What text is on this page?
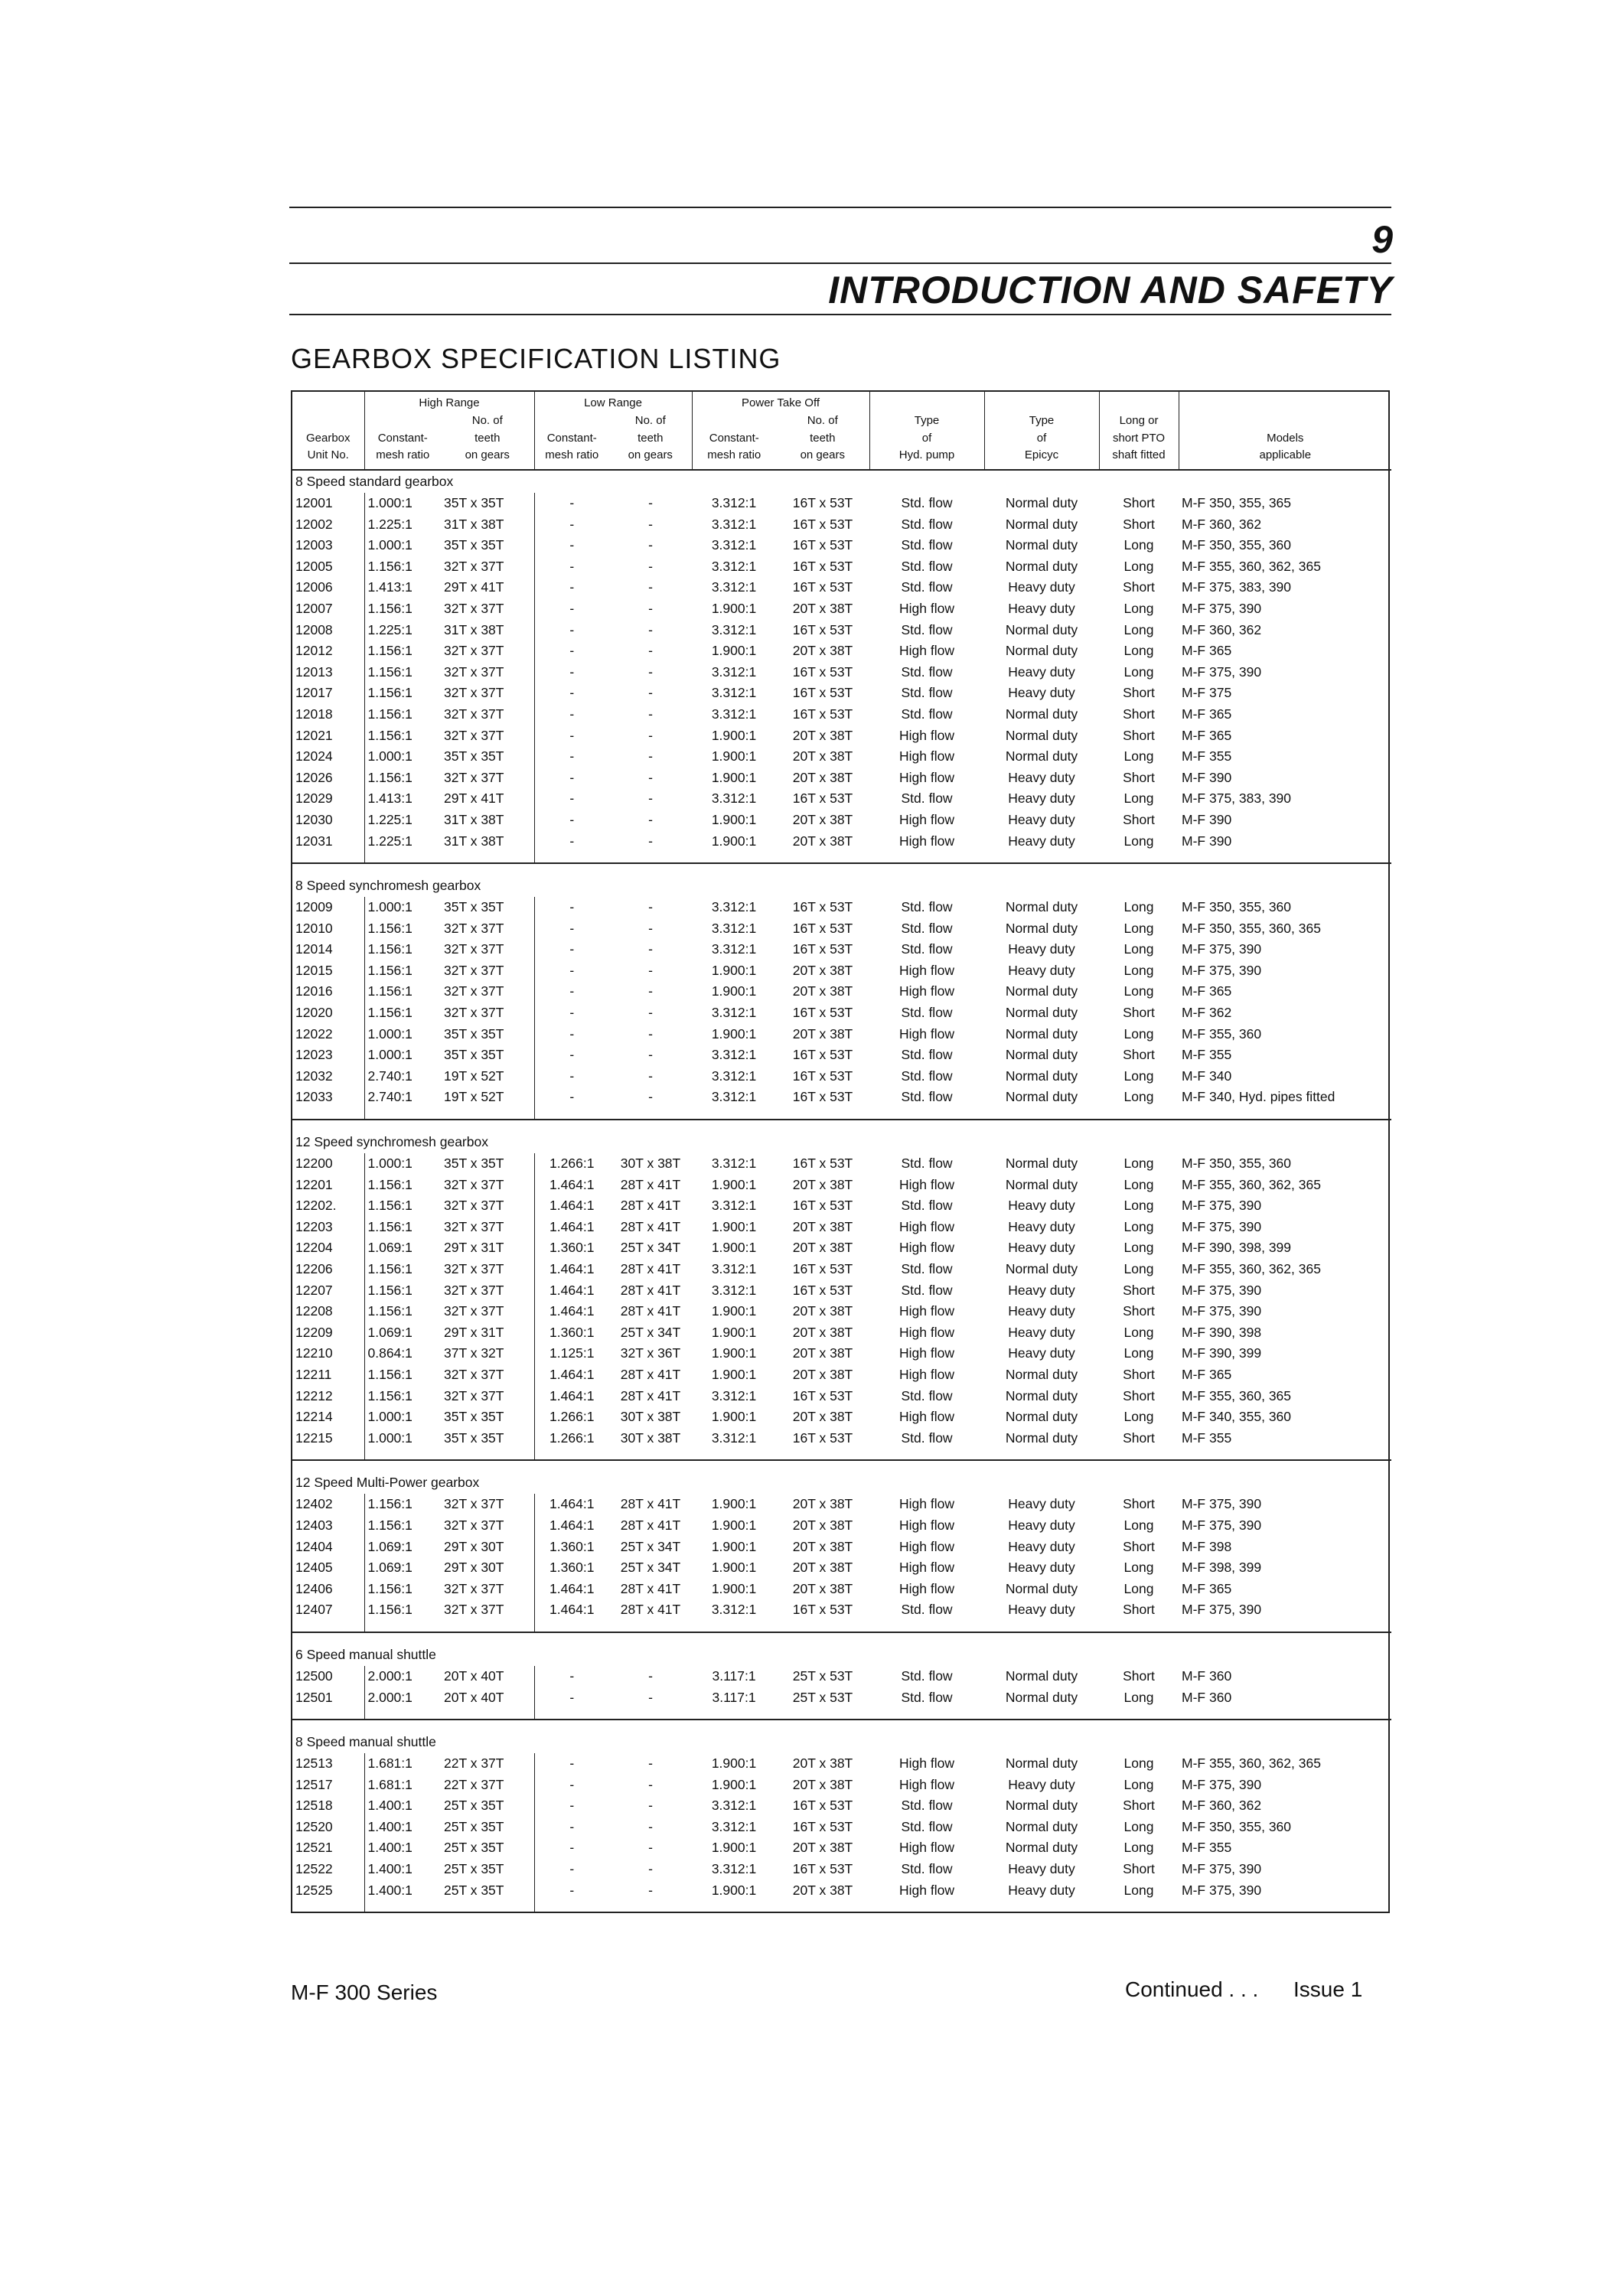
9
INTRODUCTION AND SAFETY
GEARBOX SPECIFICATION LISTING
	High Range		Low Range		Power Take Off					
		No. of		No. of		No. of	Type	Type	Long or	
Gearbox	Constant-	teeth	Constant-	teeth	Constant-	teeth	of	of	short PTO	Models
Unit No.	mesh ratio	on gears	mesh ratio	on gears	mesh ratio	on gears	Hyd. pump	Epicyc	shaft fitted	applicable
8 Speed standard gearbox										
12001	1.000:1	35T x 35T	-	-	3.312:1	16T x 53T	Std. flow	Normal duty	Short	M-F 350, 355, 365
12002	1.225:1	31T x 38T	-	-	3.312:1	16T x 53T	Std. flow	Normal duty	Short	M-F 360, 362
12003	1.000:1	35T x 35T	-	-	3.312:1	16T x 53T	Std. flow	Normal duty	Long	M-F 350, 355, 360
12005	1.156:1	32T x 37T	-	-	3.312:1	16T x 53T	Std. flow	Normal duty	Long	M-F 355, 360, 362, 365
12006	1.413:1	29T x 41T	-	-	3.312:1	16T x 53T	Std. flow	Heavy duty	Short	M-F 375, 383, 390
12007	1.156:1	32T x 37T	-	-	1.900:1	20T x 38T	High flow	Heavy duty	Long	M-F 375, 390
12008	1.225:1	31T x 38T	-	-	3.312:1	16T x 53T	Std. flow	Normal duty	Long	M-F 360, 362
12012	1.156:1	32T x 37T	-	-	1.900:1	20T x 38T	High flow	Normal duty	Long	M-F 365
12013	1.156:1	32T x 37T	-	-	3.312:1	16T x 53T	Std. flow	Heavy duty	Long	M-F 375, 390
12017	1.156:1	32T x 37T	-	-	3.312:1	16T x 53T	Std. flow	Heavy duty	Short	M-F 375
12018	1.156:1	32T x 37T	-	-	3.312:1	16T x 53T	Std. flow	Normal duty	Short	M-F 365
12021	1.156:1	32T x 37T	-	-	1.900:1	20T x 38T	High flow	Normal duty	Short	M-F 365
12024	1.000:1	35T x 35T	-	-	1.900:1	20T x 38T	High flow	Normal duty	Long	M-F 355
12026	1.156:1	32T x 37T	-	-	1.900:1	20T x 38T	High flow	Heavy duty	Short	M-F 390
12029	1.413:1	29T x 41T	-	-	3.312:1	16T x 53T	Std. flow	Heavy duty	Long	M-F 375, 383, 390
12030	1.225:1	31T x 38T	-	-	1.900:1	20T x 38T	High flow	Heavy duty	Short	M-F 390
12031	1.225:1	31T x 38T	-	-	1.900:1	20T x 38T	High flow	Heavy duty	Long	M-F 390
8 Speed synchromesh gearbox										
12009	1.000:1	35T x 35T	-	-	3.312:1	16T x 53T	Std. flow	Normal duty	Long	M-F 350, 355, 360
12010	1.156:1	32T x 37T	-	-	3.312:1	16T x 53T	Std. flow	Normal duty	Long	M-F 350, 355, 360, 365
12014	1.156:1	32T x 37T	-	-	3.312:1	16T x 53T	Std. flow	Heavy duty	Long	M-F 375, 390
12015	1.156:1	32T x 37T	-	-	1.900:1	20T x 38T	High flow	Heavy duty	Long	M-F 375, 390
12016	1.156:1	32T x 37T	-	-	1.900:1	20T x 38T	High flow	Normal duty	Long	M-F 365
12020	1.156:1	32T x 37T	-	-	3.312:1	16T x 53T	Std. flow	Normal duty	Short	M-F 362
12022	1.000:1	35T x 35T	-	-	1.900:1	20T x 38T	High flow	Normal duty	Long	M-F 355, 360
12023	1.000:1	35T x 35T	-	-	3.312:1	16T x 53T	Std. flow	Normal duty	Short	M-F 355
12032	2.740:1	19T x 52T	-	-	3.312:1	16T x 53T	Std. flow	Normal duty	Long	M-F 340
12033	2.740:1	19T x 52T	-	-	3.312:1	16T x 53T	Std. flow	Normal duty	Long	M-F 340, Hyd. pipes fitted
12 Speed synchromesh gearbox										
12200	1.000:1	35T x 35T	1.266:1	30T x 38T	3.312:1	16T x 53T	Std. flow	Normal duty	Long	M-F 350, 355, 360
12201	1.156:1	32T x 37T	1.464:1	28T x 41T	1.900:1	20T x 38T	High flow	Normal duty	Long	M-F 355, 360, 362, 365
12202.	1.156:1	32T x 37T	1.464:1	28T x 41T	3.312:1	16T x 53T	Std. flow	Heavy duty	Long	M-F 375, 390
12203	1.156:1	32T x 37T	1.464:1	28T x 41T	1.900:1	20T x 38T	High flow	Heavy duty	Long	M-F 375, 390
12204	1.069:1	29T x 31T	1.360:1	25T x 34T	1.900:1	20T x 38T	High flow	Heavy duty	Long	M-F 390, 398, 399
12206	1.156:1	32T x 37T	1.464:1	28T x 41T	3.312:1	16T x 53T	Std. flow	Normal duty	Long	M-F 355, 360, 362, 365
12207	1.156:1	32T x 37T	1.464:1	28T x 41T	3.312:1	16T x 53T	Std. flow	Heavy duty	Short	M-F 375, 390
12208	1.156:1	32T x 37T	1.464:1	28T x 41T	1.900:1	20T x 38T	High flow	Heavy duty	Short	M-F 375, 390
12209	1.069:1	29T x 31T	1.360:1	25T x 34T	1.900:1	20T x 38T	High flow	Heavy duty	Long	M-F 390, 398
12210	0.864:1	37T x 32T	1.125:1	32T x 36T	1.900:1	20T x 38T	High flow	Heavy duty	Long	M-F 390, 399
12211	1.156:1	32T x 37T	1.464:1	28T x 41T	1.900:1	20T x 38T	High flow	Normal duty	Short	M-F 365
12212	1.156:1	32T x 37T	1.464:1	28T x 41T	3.312:1	16T x 53T	Std. flow	Normal duty	Short	M-F 355, 360, 365
12214	1.000:1	35T x 35T	1.266:1	30T x 38T	1.900:1	20T x 38T	High flow	Normal duty	Long	M-F 340, 355, 360
12215	1.000:1	35T x 35T	1.266:1	30T x 38T	3.312:1	16T x 53T	Std. flow	Normal duty	Short	M-F 355
12 Speed Multi-Power gearbox										
12402	1.156:1	32T x 37T	1.464:1	28T x 41T	1.900:1	20T x 38T	High flow	Heavy duty	Short	M-F 375, 390
12403	1.156:1	32T x 37T	1.464:1	28T x 41T	1.900:1	20T x 38T	High flow	Heavy duty	Long	M-F 375, 390
12404	1.069:1	29T x 30T	1.360:1	25T x 34T	1.900:1	20T x 38T	High flow	Heavy duty	Short	M-F 398
12405	1.069:1	29T x 30T	1.360:1	25T x 34T	1.900:1	20T x 38T	High flow	Heavy duty	Long	M-F 398, 399
12406	1.156:1	32T x 37T	1.464:1	28T x 41T	1.900:1	20T x 38T	High flow	Normal duty	Long	M-F 365
12407	1.156:1	32T x 37T	1.464:1	28T x 41T	3.312:1	16T x 53T	Std. flow	Heavy duty	Short	M-F 375, 390
6 Speed manual shuttle										
12500	2.000:1	20T x 40T	-	-	3.117:1	25T x 53T	Std. flow	Normal duty	Short	M-F 360
12501	2.000:1	20T x 40T	-	-	3.117:1	25T x 53T	Std. flow	Normal duty	Long	M-F 360
8 Speed manual shuttle										
12513	1.681:1	22T x 37T	-	-	1.900:1	20T x 38T	High flow	Normal duty	Long	M-F 355, 360, 362, 365
12517	1.681:1	22T x 37T	-	-	1.900:1	20T x 38T	High flow	Heavy duty	Long	M-F 375, 390
12518	1.400:1	25T x 35T	-	-	3.312:1	16T x 53T	Std. flow	Normal duty	Short	M-F 360, 362
12520	1.400:1	25T x 35T	-	-	3.312:1	16T x 53T	Std. flow	Normal duty	Long	M-F 350, 355, 360
12521	1.400:1	25T x 35T	-	-	1.900:1	20T x 38T	High flow	Normal duty	Long	M-F 355
12522	1.400:1	25T x 35T	-	-	3.312:1	16T x 53T	Std. flow	Heavy duty	Short	M-F 375, 390
12525	1.400:1	25T x 35T	-	-	1.900:1	20T x 38T	High flow	Heavy duty	Long	M-F 375, 390
M-F 300 Series	Continued . . . Issue 1
